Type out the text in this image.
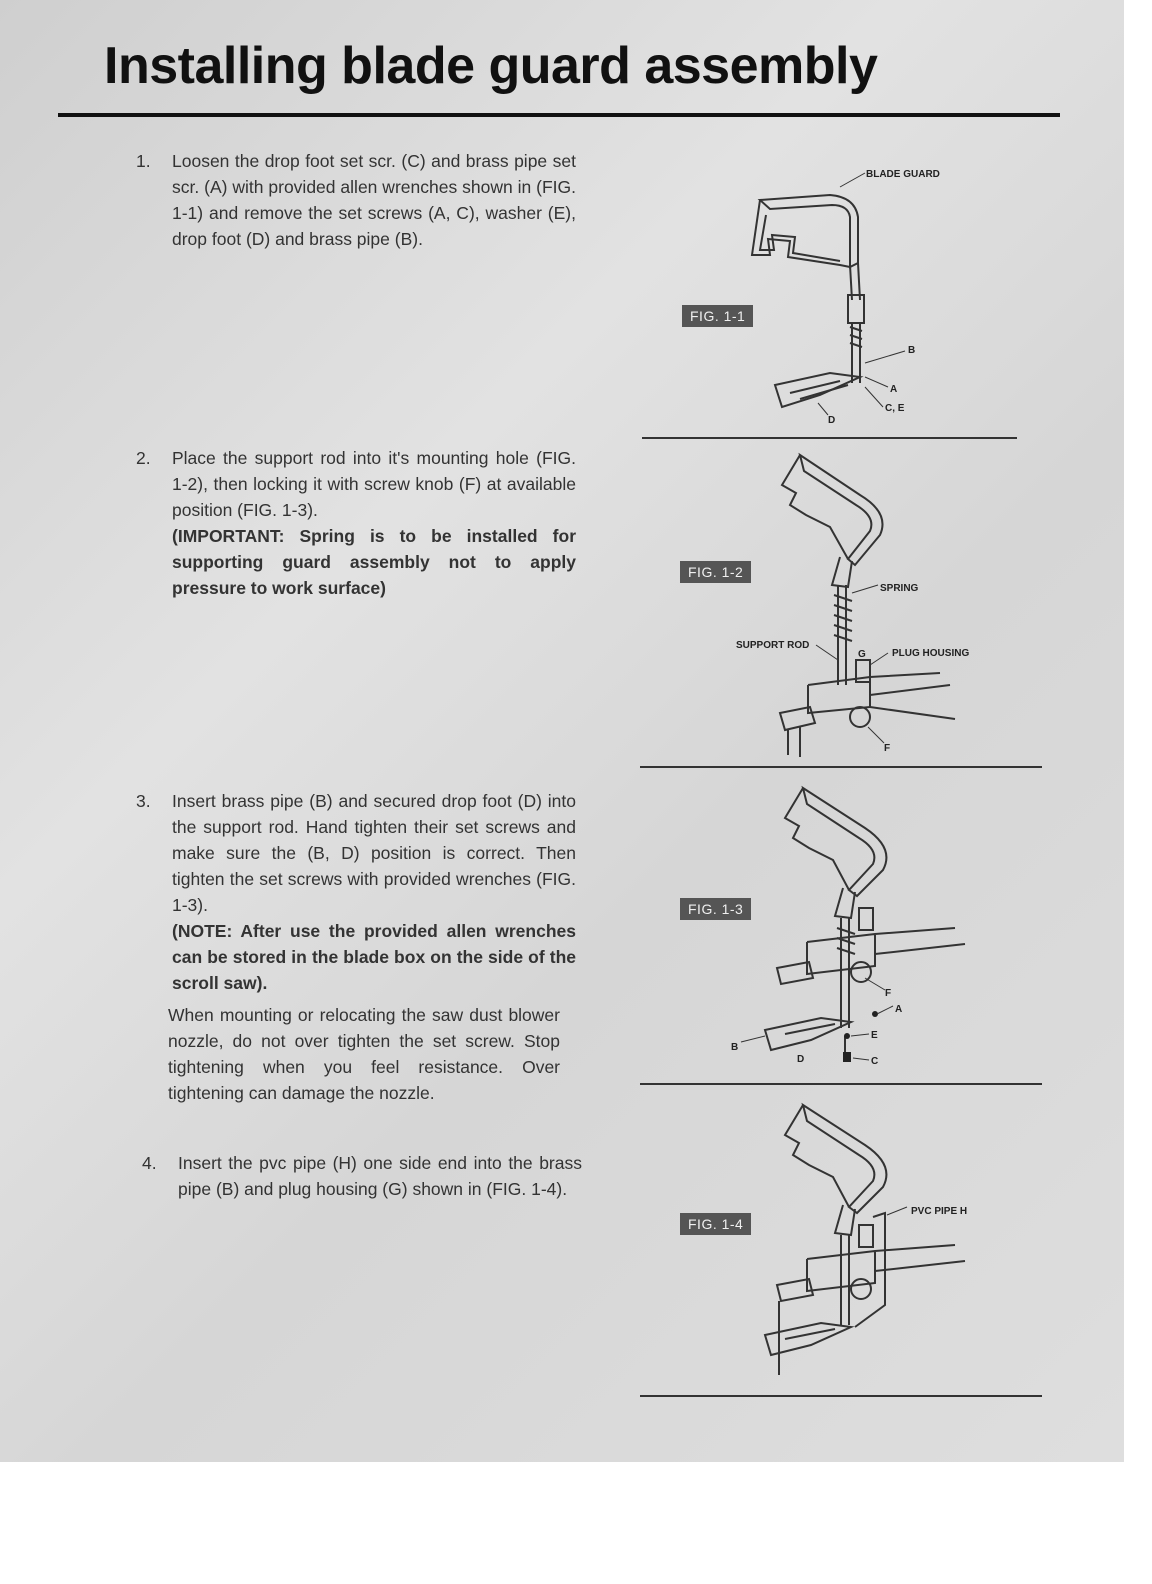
Installing blade guard assembly
1. Loosen the drop foot set scr. (C) and brass pipe set scr. (A) with provided allen wrenches shown in (FIG. 1-1) and remove the set screws (A, C), washer (E), drop foot (D) and brass pipe (B).
2. Place the support rod into it's mounting hole (FIG. 1-2), then locking it with screw knob (F) at available position (FIG. 1-3).
(IMPORTANT: Spring is to be installed for supporting guard assembly not to apply pressure to work surface)
3. Insert brass pipe (B) and secured drop foot (D) into the support rod. Hand tighten their set screws and make sure the (B, D) position is correct. Then tighten the set screws with provided wrenches (FIG. 1-3).
(NOTE: After use the provided allen wrenches can be stored in the blade box on the side of the scroll saw).
When mounting or relocating the saw dust blower nozzle, do not over tighten the set screw. Stop tightening when you feel resistance. Over tightening can damage the nozzle.
4. Insert the pvc pipe (H) one side end into the brass pipe (B) and plug housing (G) shown in (FIG. 1-4).
FIG. 1-1
BLADE GUARD
B
A
C, E
D
FIG. 1-2
SPRING
SUPPORT ROD
PLUG HOUSING
G
F
FIG. 1-3
F
A
E
C
B
D
FIG. 1-4
PVC PIPE H
